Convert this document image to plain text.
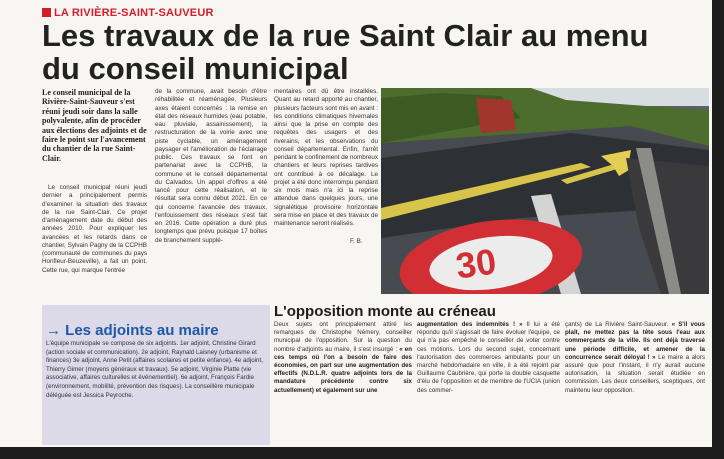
LA RIVIÈRE-SAINT-SAUVEUR
Les travaux de la rue Saint Clair au menu du conseil municipal

Le conseil municipal de la Rivière-Saint-Sauveur s'est réuni jeudi soir dans la salle polyvalente, afin de procéder aux élections des adjoints et de faire le point sur l'avancement du chantier de la rue Saint-Clair.

Le conseil municipal réuni jeudi dernier a principalement permis d'examiner la situation des travaux de la rue Saint-Clair. Ce projet d'aménagement date du début des années 2010. Pour expliquer les avancées et les retards dans ce chantier, Sylvain Pagny de la CCPHB (communauté de communes du pays Honfleur-Beuzeville), a fait un point. Cette rue, qui marque l'entrée

de la commune, avait besoin d'être réhabilitée et réaménagée. Plusieurs axes étaient concernés : la remise en état des réseaux humides (eau potable, eau pluviale, assainissement), la restructuration de la voirie avec une piste cyclable, un aménagement paysager et l'amélioration de l'éclairage public. Ces travaux se font en partenariat avec la CCPHB, la commune et le conseil départemental du Calvados. Un appel d'offres a été lancé pour cette réalisation, et le résultat sera connu début 2021. En ce qui concerne l'avancée des travaux, l'enfouissement des réseaux s'est fait en 2016. Cette opération a duré plus longtemps que prévu puisque 17 boîtes de branchement supplé-

mentaires ont dû être installées. Quant au retard apporté au chantier, plusieurs facteurs sont mis en avant : les conditions climatiques hivernales ainsi que la prise en compte des requêtes des usagers et des riverains, et les observations du conseil départemental. Enfin, l'arrêt pendant le confinement de nombreux chantiers et leurs reprises tardives ont contribué à ce décalage. Le projet a été donc interrompu pendant six mois mais n'a ici la reprise attendue dans quelques jours, une signalétique provisoire horizontale sera mise en place et des travaux de maintenance seront réalisés.

F. B.	30
→ Les adjoints au maire

L'équipe municipale se compose de six adjoints. 1er adjoint, Christine Girard (action sociale et communication). 2e adjoint, Raynald Laisney (urbanisme et finances) 3e adjoint, Anne Petit (affaires scolaires et petite enfance). 4e adjoint, Thierry Gimer (moyens généraux et travaux). 5e adjoint, Virginie Platte (vie associative, affaires culturelles et événementiel). 6e adjoint, François Fardie (environnement, mobilité, prévention des risques). La conseillère municipale déléguée est Jessica Peyroche.

L'opposition monte au créneau

Deux sujets ont principalement attiré les remarques de Christophe Némery, conseiller municipal de l'opposition. Sur la question du nombre d'adjoints au maire, il s'est insurgé : « en ces temps où l'on a besoin de faire des économies, on part sur une augmentation des effectifs (N.D.L.R. quatre adjoints lors de la mandature précédente contre six actuellement) et également sur une

augmentation des indemnités ! » Il lui a été répondu qu'il s'agissait de faire évoluer l'équipe, ce qui n'a pas empêché le conseiller de voter contre ces motions. Lors du second sujet, concernant l'autorisation des commerces ambulants pour un marché hebdomadaire en ville, il a été rejoint par Guillaume Caubrière, qui porte la double casquette d'élu de l'opposition et de membre de l'UCIA (union des commer-

çants) de La Rivière Saint-Sauveur. « S'il vous plaît, ne mettez pas la tête sous l'eau aux commerçants de la ville. Ils ont déjà traversé une période difficile, et amener de la concurrence serait déloyal ! » Le maire a alors assuré que pour l'instant, il n'y aurait aucune autorisation, la situation serait étudiée en commission. Les deux conseillers, sceptiques, ont maintenu leur opposition.
